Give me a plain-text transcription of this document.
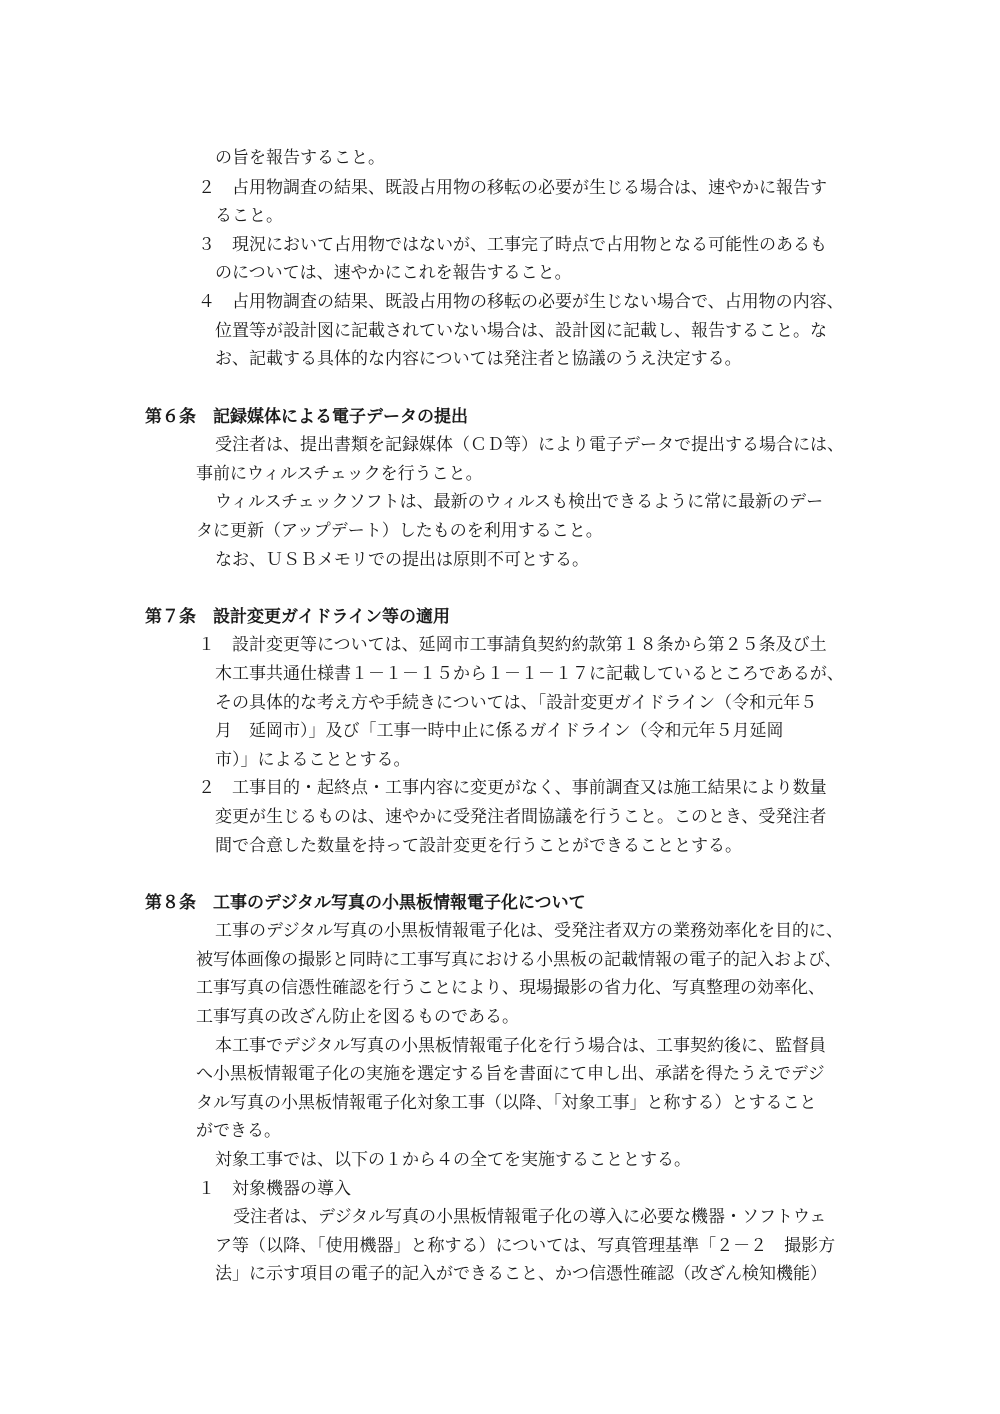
の旨を報告すること。
２　占用物調査の結果、既設占用物の移転の必要が生じる場合は、速やかに報告す
ること。
３　現況において占用物ではないが、工事完了時点で占用物となる可能性のあるも
のについては、速やかにこれを報告すること。
４　占用物調査の結果、既設占用物の移転の必要が生じない場合で、占用物の内容、
位置等が設計図に記載されていない場合は、設計図に記載し、報告すること。な
お、記載する具体的な内容については発注者と協議のうえ決定する。
第６条　記録媒体による電子データの提出
受注者は、提出書類を記録媒体（ＣＤ等）により電子データで提出する場合には、
事前にウィルスチェックを行うこと。
ウィルスチェックソフトは、最新のウィルスも検出できるように常に最新のデー
タに更新（アップデート）したものを利用すること。
なお、ＵＳＢメモリでの提出は原則不可とする。
第７条　設計変更ガイドライン等の適用
１　設計変更等については、延岡市工事請負契約約款第１８条から第２５条及び土
木工事共通仕様書１－１－１５から１－１－１７に記載しているところであるが、
その具体的な考え方や手続きについては、「設計変更ガイドライン（令和元年５
月　延岡市）」及び「工事一時中止に係るガイドライン（令和元年５月延岡
市）」によることとする。
２　工事目的・起終点・工事内容に変更がなく、事前調査又は施工結果により数量
変更が生じるものは、速やかに受発注者間協議を行うこと。このとき、受発注者
間で合意した数量を持って設計変更を行うことができることとする。
第８条　工事のデジタル写真の小黒板情報電子化について
工事のデジタル写真の小黒板情報電子化は、受発注者双方の業務効率化を目的に、
被写体画像の撮影と同時に工事写真における小黒板の記載情報の電子的記入および、
工事写真の信憑性確認を行うことにより、現場撮影の省力化、写真整理の効率化、
工事写真の改ざん防止を図るものである。
本工事でデジタル写真の小黒板情報電子化を行う場合は、工事契約後に、監督員
へ小黒板情報電子化の実施を選定する旨を書面にて申し出、承諾を得たうえでデジ
タル写真の小黒板情報電子化対象工事（以降、「対象工事」と称する）とすること
ができる。
対象工事では、以下の１から４の全てを実施することとする。
１　対象機器の導入
受注者は、デジタル写真の小黒板情報電子化の導入に必要な機器・ソフトウェ
ア等（以降、「使用機器」と称する）については、写真管理基準「２－２　撮影方
法」に示す項目の電子的記入ができること、かつ信憑性確認（改ざん検知機能）
